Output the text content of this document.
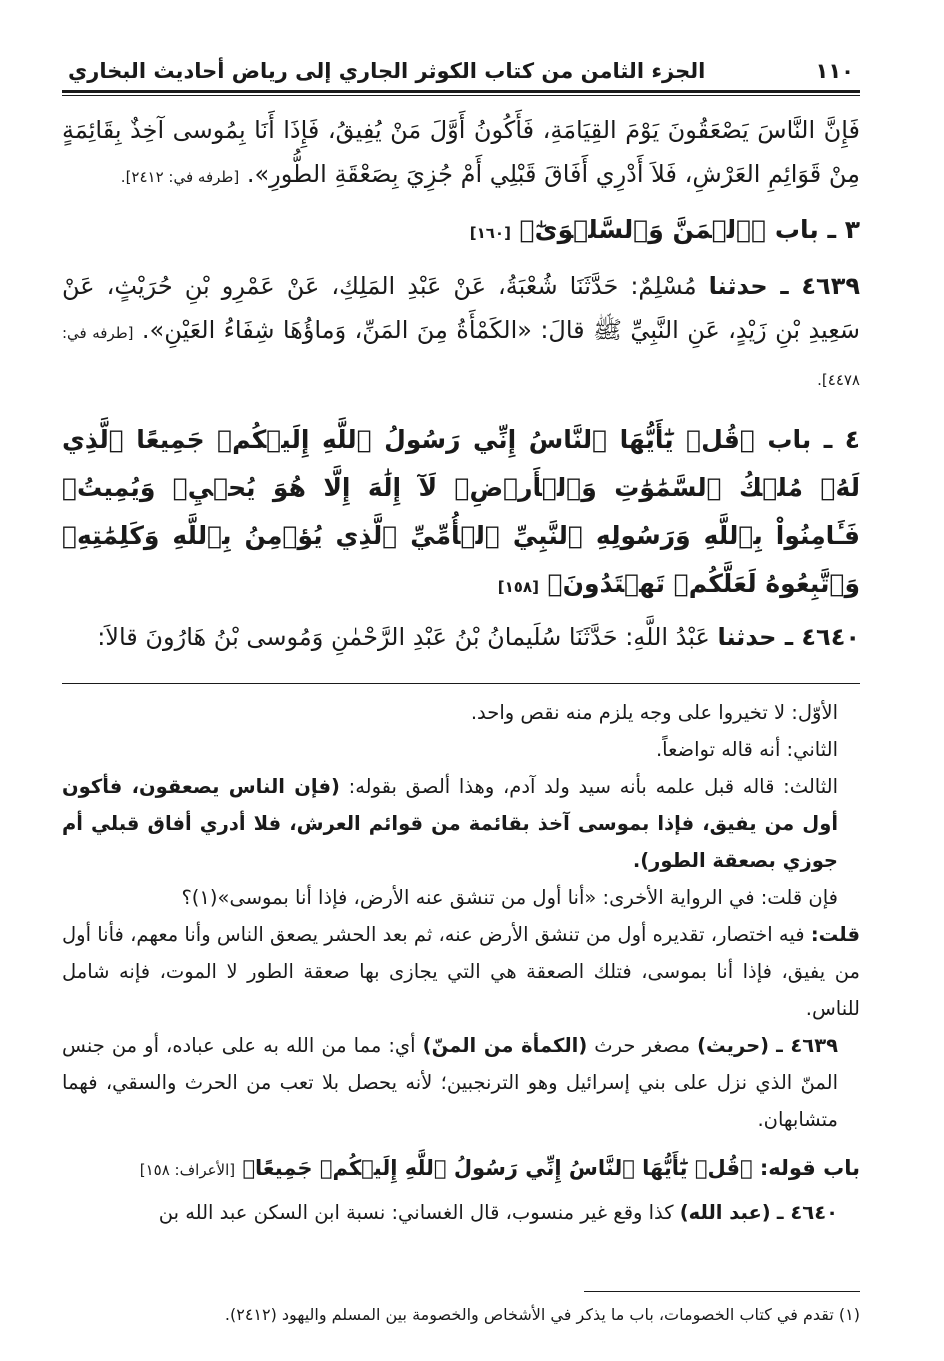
١١٠
الجزء الثامن من كتاب الكوثر الجاري إلى رياض أحاديث البخاري

فَإِنَّ النَّاسَ يَصْعَقُونَ يَوْمَ القِيَامَةِ، فَأَكُونُ أَوَّلَ مَنْ يُفِيقُ، فَإِذَا أَنَا بِمُوسى آخِذٌ بِقَائِمَةٍ مِنْ قَوَائِمِ العَرْشِ، فَلاَ أَدْرِي أَفَاقَ قَبْلِي أَمْ جُزِيَ بِصَعْقَةِ الطُّورِ». [طرفه في: ٢٤١٢].

٣ ـ باب ﴿ٱلۡمَنَّ وَٱلسَّلۡوَىٰٓ﴾ [١٦٠]

٤٦٣٩ ـ حدثنا مُسْلِمٌ: حَدَّثَنَا شُعْبَةُ، عَنْ عَبْدِ المَلِكِ، عَنْ عَمْرِو بْنِ حُرَيْثٍ، عَنْ سَعِيدِ بْنِ زَيْدٍ، عَنِ النَّبِيِّ ﷺ قالَ: «الكَمْأَةُ مِنَ المَنِّ، وَماؤُهَا شِفَاءُ العَيْنِ». [طرفه في: ٤٤٧٨].

٤ ـ باب ﴿قُلۡ يَٰٓأَيُّهَا ٱلنَّاسُ إِنِّي رَسُولُ ٱللَّهِ إِلَيۡكُمۡ جَمِيعًا ٱلَّذِي لَهُۥ مُلۡكُ ٱلسَّمَٰوَٰتِ وَٱلۡأَرۡضِۖ لَآ إِلَٰهَ إِلَّا هُوَ يُحۡيِۦ وَيُمِيتُۖ فَـَٔامِنُواْ بِٱللَّهِ وَرَسُولِهِ ٱلنَّبِيِّ ٱلۡأُمِّيِّ ٱلَّذِي يُؤۡمِنُ بِٱللَّهِ وَكَلِمَٰتِهِۦ وَٱتَّبِعُوهُ لَعَلَّكُمۡ تَهۡتَدُونَ﴾ [١٥٨]

٤٦٤٠ ـ حدثنا عَبْدُ اللَّهِ: حَدَّثَنَا سُلَيمانُ بْنُ عَبْدِ الرَّحْمٰنِ وَمُوسى بْنُ هَارُونَ قالاَ:

الأوّل: لا تخيروا على وجه يلزم منه نقص واحد.

الثاني: أنه قاله تواضعاً.

الثالث: قاله قبل علمه بأنه سيد ولد آدم، وهذا ألصق بقوله: (فإن الناس يصعقون، فأكون أول من يفيق، فإذا بموسى آخذ بقائمة من قوائم العرش، فلا أدري أفاق قبلي أم جوزي بصعقة الطور).

فإن قلت: في الرواية الأخرى: «أنا أول من تنشق عنه الأرض، فإذا أنا بموسى»(١)؟

قلت: فيه اختصار، تقديره أول من تنشق الأرض عنه، ثم بعد الحشر يصعق الناس وأنا معهم، فأنا أول من يفيق، فإذا أنا بموسى، فتلك الصعقة هي التي يجازى بها صعقة الطور لا الموت، فإنه شامل للناس.

٤٦٣٩ ـ (حريث) مصغر حرث (الكمأة من المنّ) أي: مما من الله به على عباده، أو من جنس المنّ الذي نزل على بني إسرائيل وهو الترنجبين؛ لأنه يحصل بلا تعب من الحرث والسقي، فهما متشابهان.

باب قوله: ﴿قُلۡ يَٰٓأَيُّهَا ٱلنَّاسُ إِنِّي رَسُولُ ٱللَّهِ إِلَيۡكُمۡ جَمِيعًا﴾ [الأعراف: ١٥٨]

٤٦٤٠ ـ (عبد الله) كذا وقع غير منسوب، قال الغساني: نسبة ابن السكن عبد الله بن

(١) تقدم في كتاب الخصومات، باب ما يذكر في الأشخاص والخصومة بين المسلم واليهود (٢٤١٢).
